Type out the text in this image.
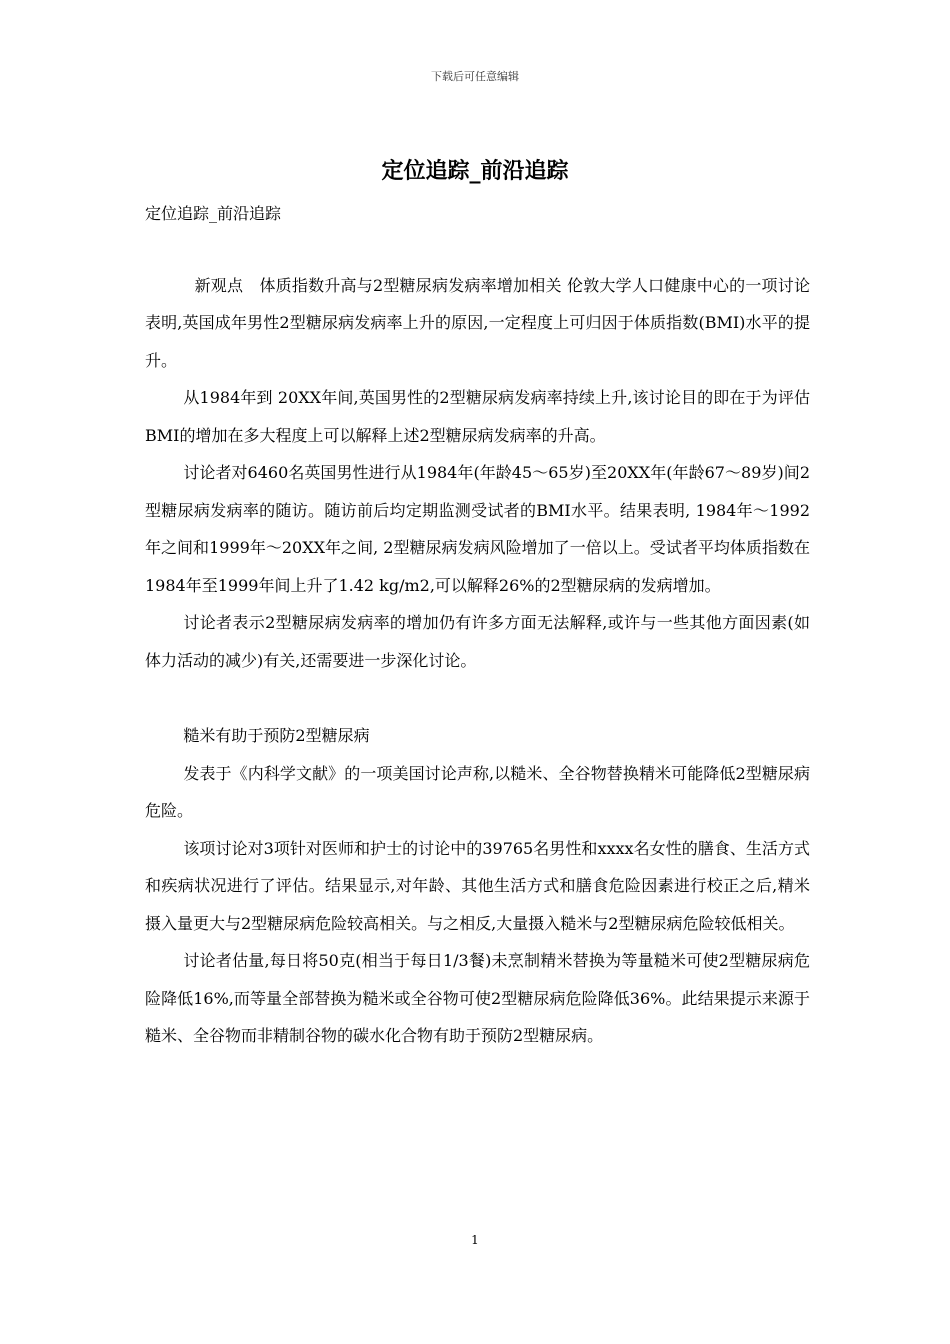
下载后可任意编辑
定位追踪_前沿追踪

定位追踪_前沿追踪

新观点　体质指数升高与2型糖尿病发病率增加相关 伦敦大学人口健康中心的一项讨论表明,英国成年男性2型糖尿病发病率上升的原因,一定程度上可归因于体质指数(BMI)水平的提升。

从1984年到 20XX年间,英国男性的2型糖尿病发病率持续上升,该讨论目的即在于为评估BMI的增加在多大程度上可以解释上述2型糖尿病发病率的升高。

讨论者对6460名英国男性进行从1984年(年龄45～65岁)至20XX年(年龄67～89岁)间2型糖尿病发病率的随访。随访前后均定期监测受试者的BMI水平。结果表明, 1984年～1992年之间和1999年～20XX年之间, 2型糖尿病发病风险增加了一倍以上。受试者平均体质指数在1984年至1999年间上升了1.42 kg/m2,可以解释26%的2型糖尿病的发病增加。

讨论者表示2型糖尿病发病率的增加仍有许多方面无法解释,或许与一些其他方面因素(如体力活动的减少)有关,还需要进一步深化讨论。

糙米有助于预防2型糖尿病

发表于《内科学文献》的一项美国讨论声称,以糙米、全谷物替换精米可能降低2型糖尿病危险。

该项讨论对3项针对医师和护士的讨论中的39765名男性和xxxx名女性的膳食、生活方式和疾病状况进行了评估。结果显示,对年龄、其他生活方式和膳食危险因素进行校正之后,精米摄入量更大与2型糖尿病危险较高相关。与之相反,大量摄入糙米与2型糖尿病危险较低相关。

讨论者估量,每日将50克(相当于每日1/3餐)未烹制精米替换为等量糙米可使2型糖尿病危险降低16%,而等量全部替换为糙米或全谷物可使2型糖尿病危险降低36%。此结果提示来源于糙米、全谷物而非精制谷物的碳水化合物有助于预防2型糖尿病。

1
